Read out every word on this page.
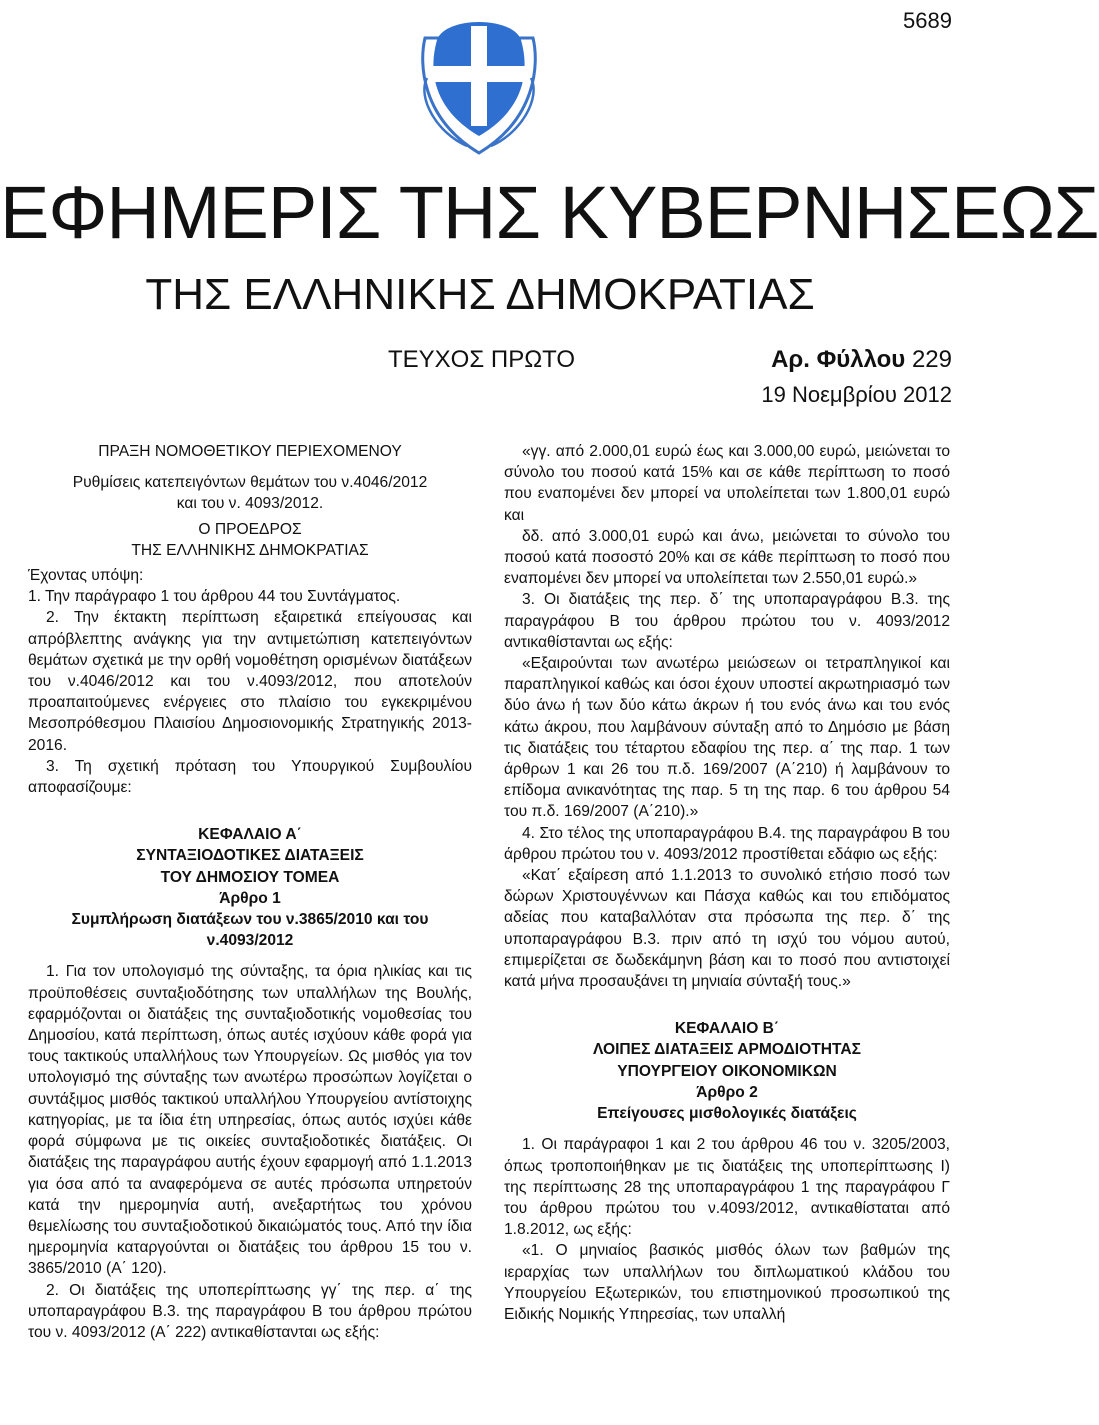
5689
ΕΦΗΜΕΡΙΣ ΤΗΣ ΚΥΒΕΡΝΗΣΕΩΣ
ΤΗΣ ΕΛΛΗΝΙΚΗΣ ΔΗΜΟΚΡΑΤΙΑΣ
ΤΕΥΧΟΣ ΠΡΩΤΟ	Αρ. Φύλλου 229
19 Νοεμβρίου 2012

ΠΡΑΞΗ ΝΟΜΟΘΕΤΙΚΟΥ ΠΕΡΙΕΧΟΜΕΝΟΥ

Ρυθμίσεις κατεπειγόντων θεμάτων του ν.4046/2012

και του ν. 4093/2012.

Ο ΠΡΟΕΔΡΟΣ

ΤΗΣ ΕΛΛΗΝΙΚΗΣ ΔΗΜΟΚΡΑΤΙΑΣ

Έχοντας υπόψη:

1. Την παράγραφο 1 του άρθρου 44 του Συντάγματος.

2. Την έκτακτη περίπτωση εξαιρετικά επείγουσας και απρόβλεπτης ανάγκης για την αντιμετώπιση κατεπειγόντων θεμάτων σχετικά με την ορθή νομοθέτηση ορισμένων διατάξεων του ν.4046/2012 και του ν.4093/2012, που αποτελούν προαπαιτούμενες ενέργειες στο πλαίσιο του εγκεκριμένου Μεσοπρόθεσμου Πλαισίου Δημοσιονομικής Στρατηγικής 2013-2016.

3. Τη σχετική πρόταση του Υπουργικού Συμβουλίου αποφασίζουμε:

ΚΕΦΑΛΑΙΟ Α΄

ΣΥΝΤΑΞΙΟΔΟΤΙΚΕΣ ΔΙΑΤΑΞΕΙΣ

ΤΟΥ ΔΗΜΟΣΙΟΥ ΤΟΜΕΑ

Άρθρο 1

Συμπλήρωση διατάξεων του ν.3865/2010 και του

ν.4093/2012

1. Για τον υπολογισμό της σύνταξης, τα όρια ηλικίας και τις προϋποθέσεις συνταξιοδότησης των υπαλλήλων της Βουλής, εφαρμόζονται οι διατάξεις της συνταξιοδοτικής νομοθεσίας του Δημοσίου, κατά περίπτωση, όπως αυτές ισχύουν κάθε φορά για τους τακτικούς υπαλλήλους των Υπουργείων. Ως μισθός για τον υπολογισμό της σύνταξης των ανωτέρω προσώπων λογίζεται ο συντάξιμος μισθός τακτικού υπαλλήλου Υπουργείου αντίστοιχης κατηγορίας, με τα ίδια έτη υπηρεσίας, όπως αυτός ισχύει κάθε φορά σύμφωνα με τις οικείες συνταξιοδοτικές διατάξεις. Οι διατάξεις της παραγράφου αυτής έχουν εφαρμογή από 1.1.2013 για όσα από τα αναφερόμενα σε αυτές πρόσωπα υπηρετούν κατά την ημερομηνία αυτή, ανεξαρτήτως του χρόνου θεμελίωσης του συνταξιοδοτικού δικαιώματός τους. Από την ίδια ημερομηνία καταργούνται οι διατάξεις του άρθρου 15 του ν. 3865/2010 (Α΄ 120).

2. Οι διατάξεις της υποπερίπτωσης γγ΄ της περ. α΄ της υποπαραγράφου Β.3. της παραγράφου Β του άρθρου πρώτου του ν. 4093/2012 (Α΄ 222) αντικαθίστανται ως εξής:

«γγ. από 2.000,01 ευρώ έως και 3.000,00 ευρώ, μειώνεται το σύνολο του ποσού κατά 15% και σε κάθε περίπτωση το ποσό που εναπομένει δεν μπορεί να υπολείπεται των 1.800,01 ευρώ και

δδ. από 3.000,01 ευρώ και άνω, μειώνεται το σύνολο του ποσού κατά ποσοστό 20% και σε κάθε περίπτωση το ποσό που εναπομένει δεν μπορεί να υπολείπεται των 2.550,01 ευρώ.»

3. Οι διατάξεις της περ. δ΄ της υποπαραγράφου Β.3. της παραγράφου Β του άρθρου πρώτου του ν. 4093/2012 αντικαθίστανται ως εξής:

«Εξαιρούνται των ανωτέρω μειώσεων οι τετραπληγικοί και παραπληγικοί καθώς και όσοι έχουν υποστεί ακρωτηριασμό των δύο άνω ή των δύο κάτω άκρων ή του ενός άνω και του ενός κάτω άκρου, που λαμβάνουν σύνταξη από το Δημόσιο με βάση τις διατάξεις του τέταρτου εδαφίου της περ. α΄ της παρ. 1 των άρθρων 1 και 26 του π.δ. 169/2007 (Α΄210) ή λαμβάνουν το επίδομα ανικανότητας της παρ. 5 τη της παρ. 6 του άρθρου 54 του π.δ. 169/2007 (Α΄210).»

4. Στο τέλος της υποπαραγράφου Β.4. της παραγράφου Β του άρθρου πρώτου του ν. 4093/2012 προστίθεται εδάφιο ως εξής:

«Κατ΄ εξαίρεση από 1.1.2013 το συνολικό ετήσιο ποσό των δώρων Χριστουγέννων και Πάσχα καθώς και του επιδόματος αδείας που καταβαλλόταν στα πρόσωπα της περ. δ΄ της υποπαραγράφου Β.3. πριν από τη ισχύ του νόμου αυτού, επιμερίζεται σε δωδεκάμηνη βάση και το ποσό που αντιστοιχεί κατά μήνα προσαυξάνει τη μηνιαία σύνταξή τους.»

ΚΕΦΑΛΑΙΟ Β΄

ΛΟΙΠΕΣ ΔΙΑΤΑΞΕΙΣ ΑΡΜΟΔΙΟΤΗΤΑΣ

ΥΠΟΥΡΓΕΙΟΥ ΟΙΚΟΝΟΜΙΚΩΝ

Άρθρο 2

Επείγουσες μισθολογικές διατάξεις

1. Οι παράγραφοι 1 και 2 του άρθρου 46 του ν. 3205/2003, όπως τροποποιήθηκαν με τις διατάξεις της υποπερίπτωσης Ι) της περίπτωσης 28 της υποπαραγράφου 1 της παραγράφου Γ του άρθρου πρώτου του ν.4093/2012, αντικαθίσταται από 1.8.2012, ως εξής:

«1. Ο μηνιαίος βασικός μισθός όλων των βαθμών της ιεραρχίας των υπαλλήλων του διπλωματικού κλάδου του Υπουργείου Εξωτερικών, του επιστημονικού προσωπικού της Ειδικής Νομικής Υπηρεσίας, των υπαλλή
